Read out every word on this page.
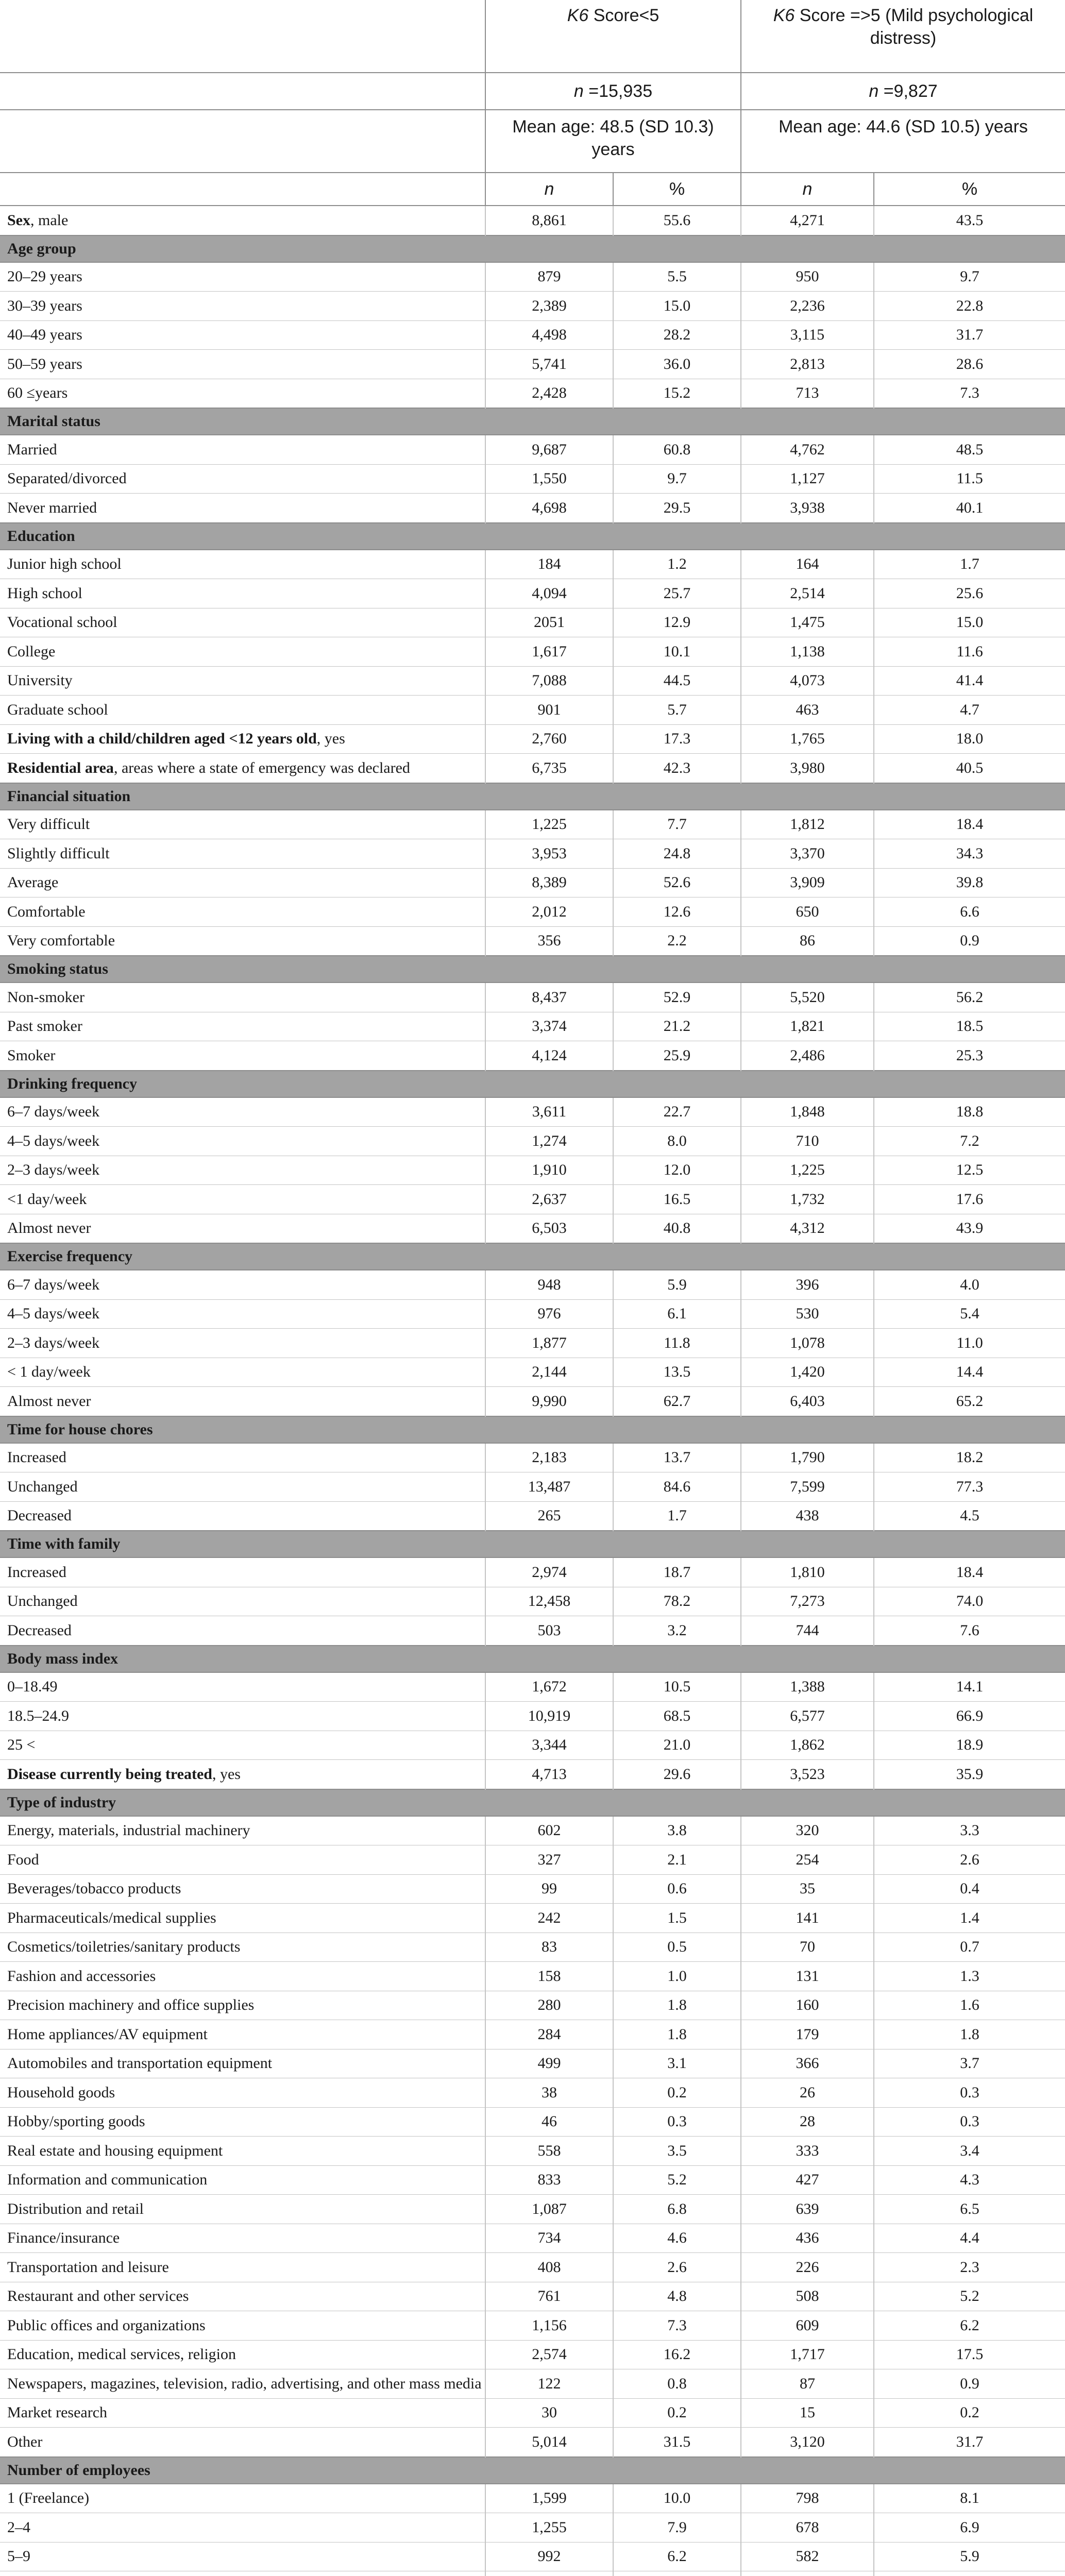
	K6 Score<5		K6 Score =>5 (Mild psychological distress)	
	n =15,935		n =9,827	
	Mean age: 48.5 (SD 10.3) years		Mean age: 44.6 (SD 10.5) years	
	n	%	n	%
Sex, male	8,861	55.6	4,271	43.5
Age group				
20–29 years	879	5.5	950	9.7
30–39 years	2,389	15.0	2,236	22.8
40–49 years	4,498	28.2	3,115	31.7
50–59 years	5,741	36.0	2,813	28.6
60 ≤years	2,428	15.2	713	7.3
Marital status				
Married	9,687	60.8	4,762	48.5
Separated/divorced	1,550	9.7	1,127	11.5
Never married	4,698	29.5	3,938	40.1
Education				
Junior high school	184	1.2	164	1.7
High school	4,094	25.7	2,514	25.6
Vocational school	2051	12.9	1,475	15.0
College	1,617	10.1	1,138	11.6
University	7,088	44.5	4,073	41.4
Graduate school	901	5.7	463	4.7
Living with a child/children aged <12 years old, yes	2,760	17.3	1,765	18.0
Residential area, areas where a state of emergency was declared	6,735	42.3	3,980	40.5
Financial situation				
Very difficult	1,225	7.7	1,812	18.4
Slightly difficult	3,953	24.8	3,370	34.3
Average	8,389	52.6	3,909	39.8
Comfortable	2,012	12.6	650	6.6
Very comfortable	356	2.2	86	0.9
Smoking status				
Non-smoker	8,437	52.9	5,520	56.2
Past smoker	3,374	21.2	1,821	18.5
Smoker	4,124	25.9	2,486	25.3
Drinking frequency				
6–7 days/week	3,611	22.7	1,848	18.8
4–5 days/week	1,274	8.0	710	7.2
2–3 days/week	1,910	12.0	1,225	12.5
<1 day/week	2,637	16.5	1,732	17.6
Almost never	6,503	40.8	4,312	43.9
Exercise frequency				
6–7 days/week	948	5.9	396	4.0
4–5 days/week	976	6.1	530	5.4
2–3 days/week	1,877	11.8	1,078	11.0
< 1 day/week	2,144	13.5	1,420	14.4
Almost never	9,990	62.7	6,403	65.2
Time for house chores				
Increased	2,183	13.7	1,790	18.2
Unchanged	13,487	84.6	7,599	77.3
Decreased	265	1.7	438	4.5
Time with family				
Increased	2,974	18.7	1,810	18.4
Unchanged	12,458	78.2	7,273	74.0
Decreased	503	3.2	744	7.6
Body mass index				
0–18.49	1,672	10.5	1,388	14.1
18.5–24.9	10,919	68.5	6,577	66.9
25 <	3,344	21.0	1,862	18.9
Disease currently being treated, yes	4,713	29.6	3,523	35.9
Type of industry				
Energy, materials, industrial machinery	602	3.8	320	3.3
Food	327	2.1	254	2.6
Beverages/tobacco products	99	0.6	35	0.4
Pharmaceuticals/medical supplies	242	1.5	141	1.4
Cosmetics/toiletries/sanitary products	83	0.5	70	0.7
Fashion and accessories	158	1.0	131	1.3
Precision machinery and office supplies	280	1.8	160	1.6
Home appliances/AV equipment	284	1.8	179	1.8
Automobiles and transportation equipment	499	3.1	366	3.7
Household goods	38	0.2	26	0.3
Hobby/sporting goods	46	0.3	28	0.3
Real estate and housing equipment	558	3.5	333	3.4
Information and communication	833	5.2	427	4.3
Distribution and retail	1,087	6.8	639	6.5
Finance/insurance	734	4.6	436	4.4
Transportation and leisure	408	2.6	226	2.3
Restaurant and other services	761	4.8	508	5.2
Public offices and organizations	1,156	7.3	609	6.2
Education, medical services, religion	2,574	16.2	1,717	17.5
Newspapers, magazines, television, radio, advertising, and other mass media	122	0.8	87	0.9
Market research	30	0.2	15	0.2
Other	5,014	31.5	3,120	31.7
Number of employees				
1 (Freelance)	1,599	10.0	798	8.1
2–4	1,255	7.9	678	6.9
5–9	992	6.2	582	5.9
